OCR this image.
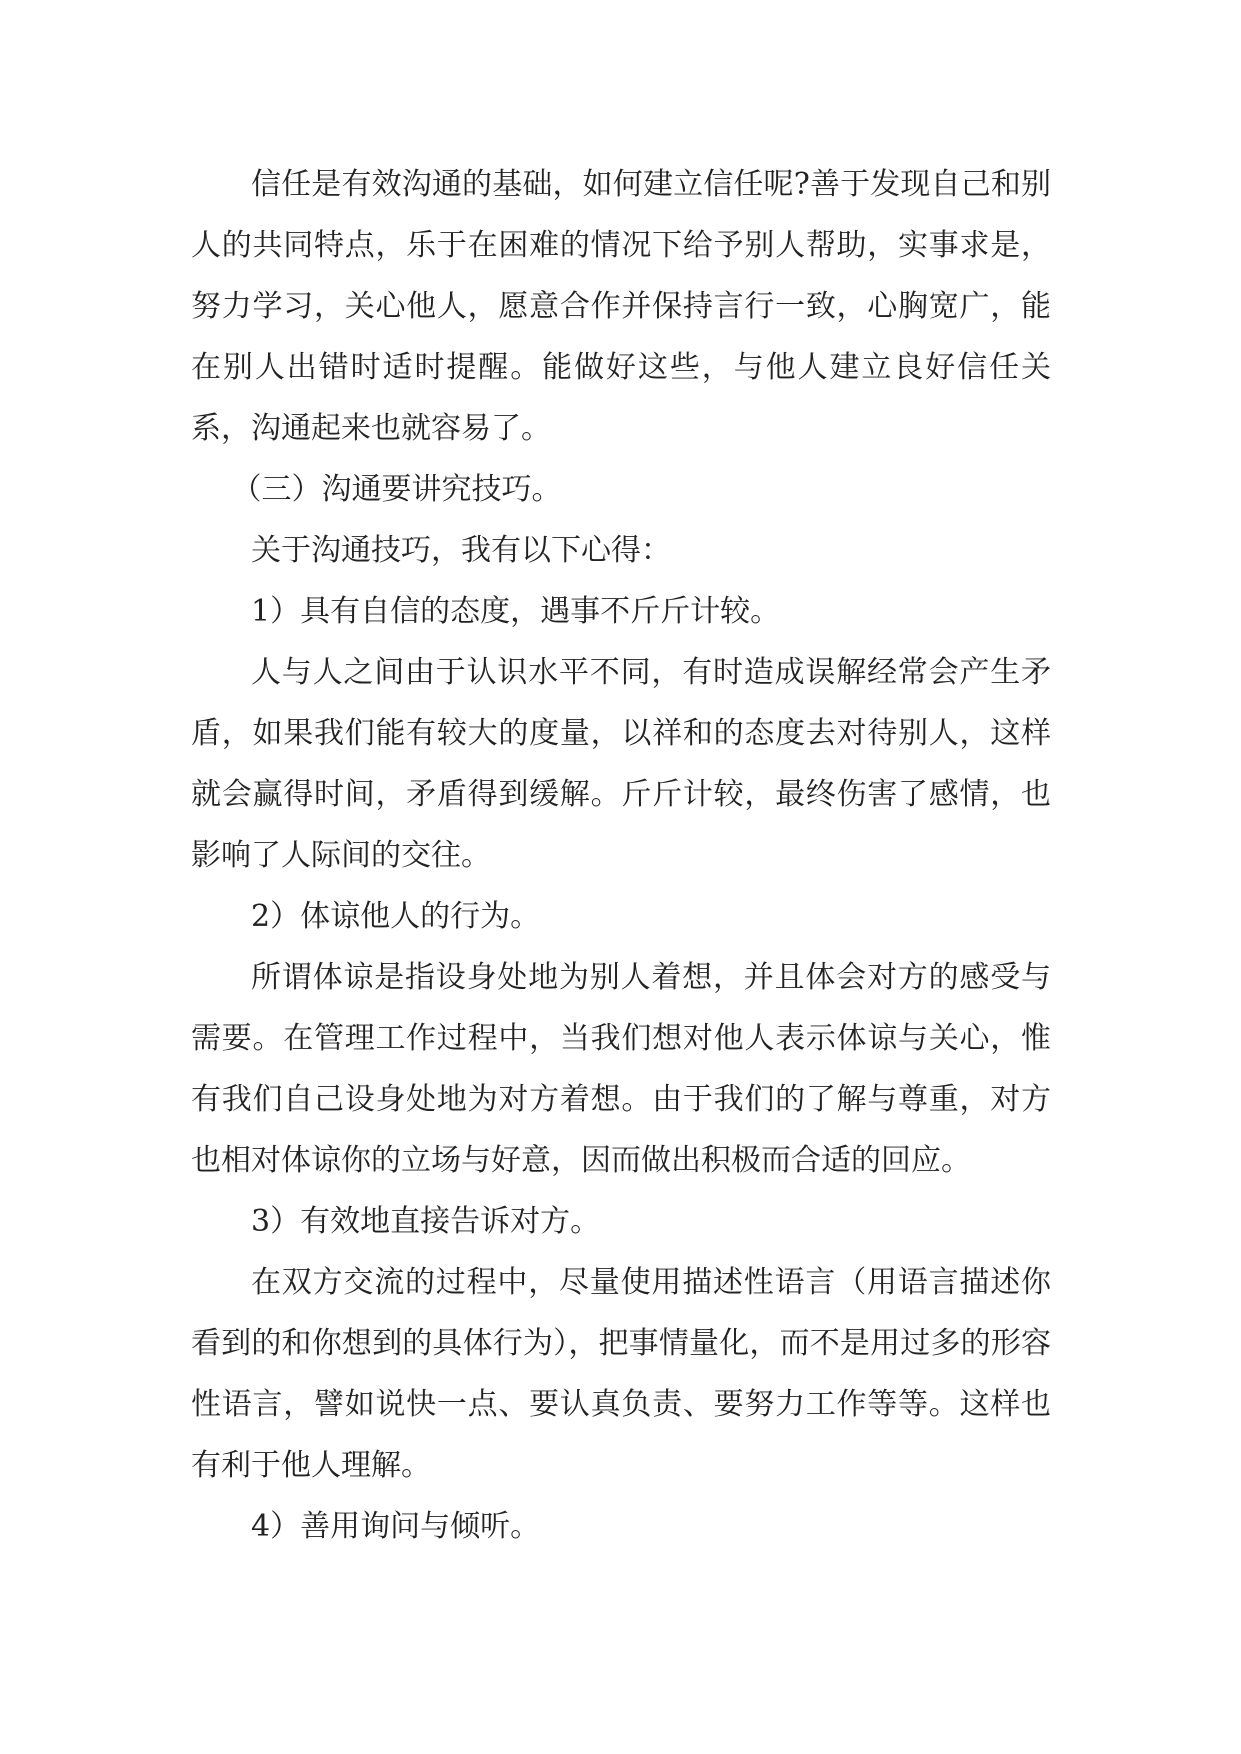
信任是有效沟通的基础，如何建立信任呢?善于发现自己和别人的共同特点，乐于在困难的情况下给予别人帮助，实事求是，努力学习，关心他人，愿意合作并保持言行一致，心胸宽广，能在别人出错时适时提醒。能做好这些，与他人建立良好信任关系，沟通起来也就容易了。

（三）沟通要讲究技巧。

关于沟通技巧，我有以下心得：

1）具有自信的态度，遇事不斤斤计较。

人与人之间由于认识水平不同，有时造成误解经常会产生矛盾，如果我们能有较大的度量，以祥和的态度去对待别人，这样就会赢得时间，矛盾得到缓解。斤斤计较，最终伤害了感情，也影响了人际间的交往。

2）体谅他人的行为。

所谓体谅是指设身处地为别人着想，并且体会对方的感受与需要。在管理工作过程中，当我们想对他人表示体谅与关心，惟有我们自己设身处地为对方着想。由于我们的了解与尊重，对方也相对体谅你的立场与好意，因而做出积极而合适的回应。

3）有效地直接告诉对方。

在双方交流的过程中，尽量使用描述性语言（用语言描述你看到的和你想到的具体行为），把事情量化，而不是用过多的形容性语言，譬如说快一点、要认真负责、要努力工作等等。这样也有利于他人理解。

4）善用询问与倾听。
